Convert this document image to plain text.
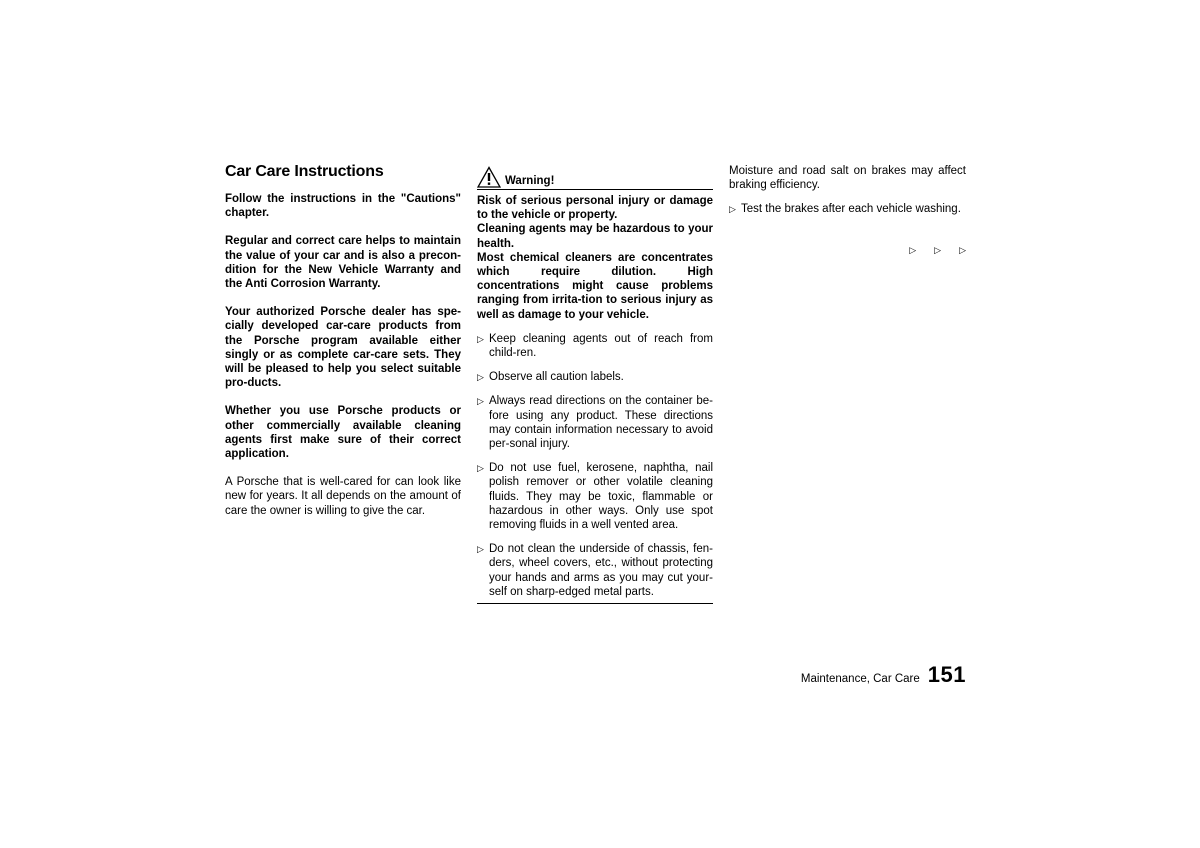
Car Care Instructions
Follow the instructions in the "Cautions" chapter.
Regular and correct care helps to maintain the value of your car and is also a precon-dition for the New Vehicle Warranty and the Anti Corrosion Warranty.
Your authorized Porsche dealer has spe-cially developed car-care products from the Porsche program available either singly or as complete car-care sets. They will be pleased to help you select suitable pro-ducts.
Whether you use Porsche products or other commercially available cleaning agents first make sure of their correct application.
A Porsche that is well-cared for can look like new for years. It all depends on the amount of care the owner is willing to give the car.
Warning!
Risk of serious personal injury or damage to the vehicle or property.
Cleaning agents may be hazardous to your health.
Most chemical cleaners are concentrates which require dilution. High concentrations might cause problems ranging from irrita-tion to serious injury as well as damage to your vehicle.
▷ Keep cleaning agents out of reach from child-ren.
▷ Observe all caution labels.
▷ Always read directions on the container be-fore using any product. These directions may contain information necessary to avoid per-sonal injury.
▷ Do not use fuel, kerosene, naphtha, nail polish remover or other volatile cleaning fluids. They may be toxic, flammable or hazardous in other ways. Only use spot removing fluids in a well vented area.
▷ Do not clean the underside of chassis, fen-ders, wheel covers, etc., without protecting your hands and arms as you may cut your-self on sharp-edged metal parts.
Moisture and road salt on brakes may affect braking efficiency.
▷ Test the brakes after each vehicle washing.
▷ ▷ ▷
Maintenance, Car Care 151
